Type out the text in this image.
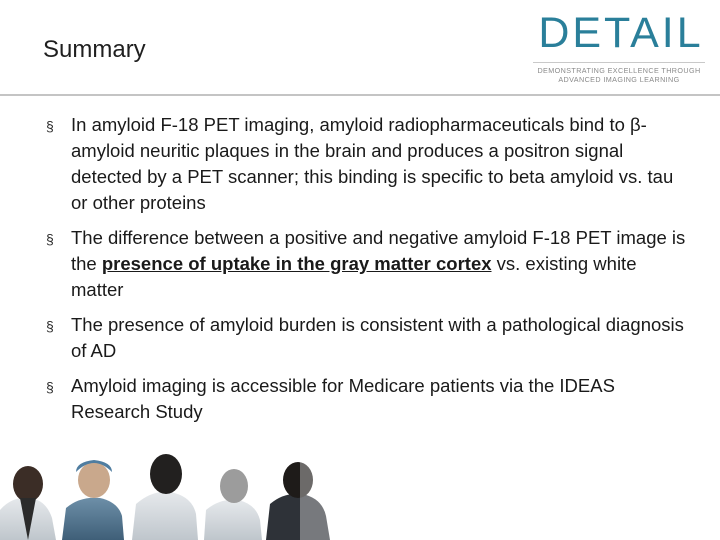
Summary	DETAIL
DEMONSTRATING EXCELLENCE THROUGH
ADVANCED IMAGING LEARNING
§ In amyloid F-18 PET imaging, amyloid radiopharmaceuticals bind to β-amyloid neuritic plaques in the brain and produces a positron signal detected by a PET scanner; this binding is specific to beta amyloid vs. tau or other proteins
§ The difference between a positive and negative amyloid F-18 PET image is the presence of uptake in the gray matter cortex vs. existing white matter
§ The presence of amyloid burden is consistent with a pathological diagnosis of AD
§ Amyloid imaging is accessible for Medicare patients via the IDEAS Research Study
